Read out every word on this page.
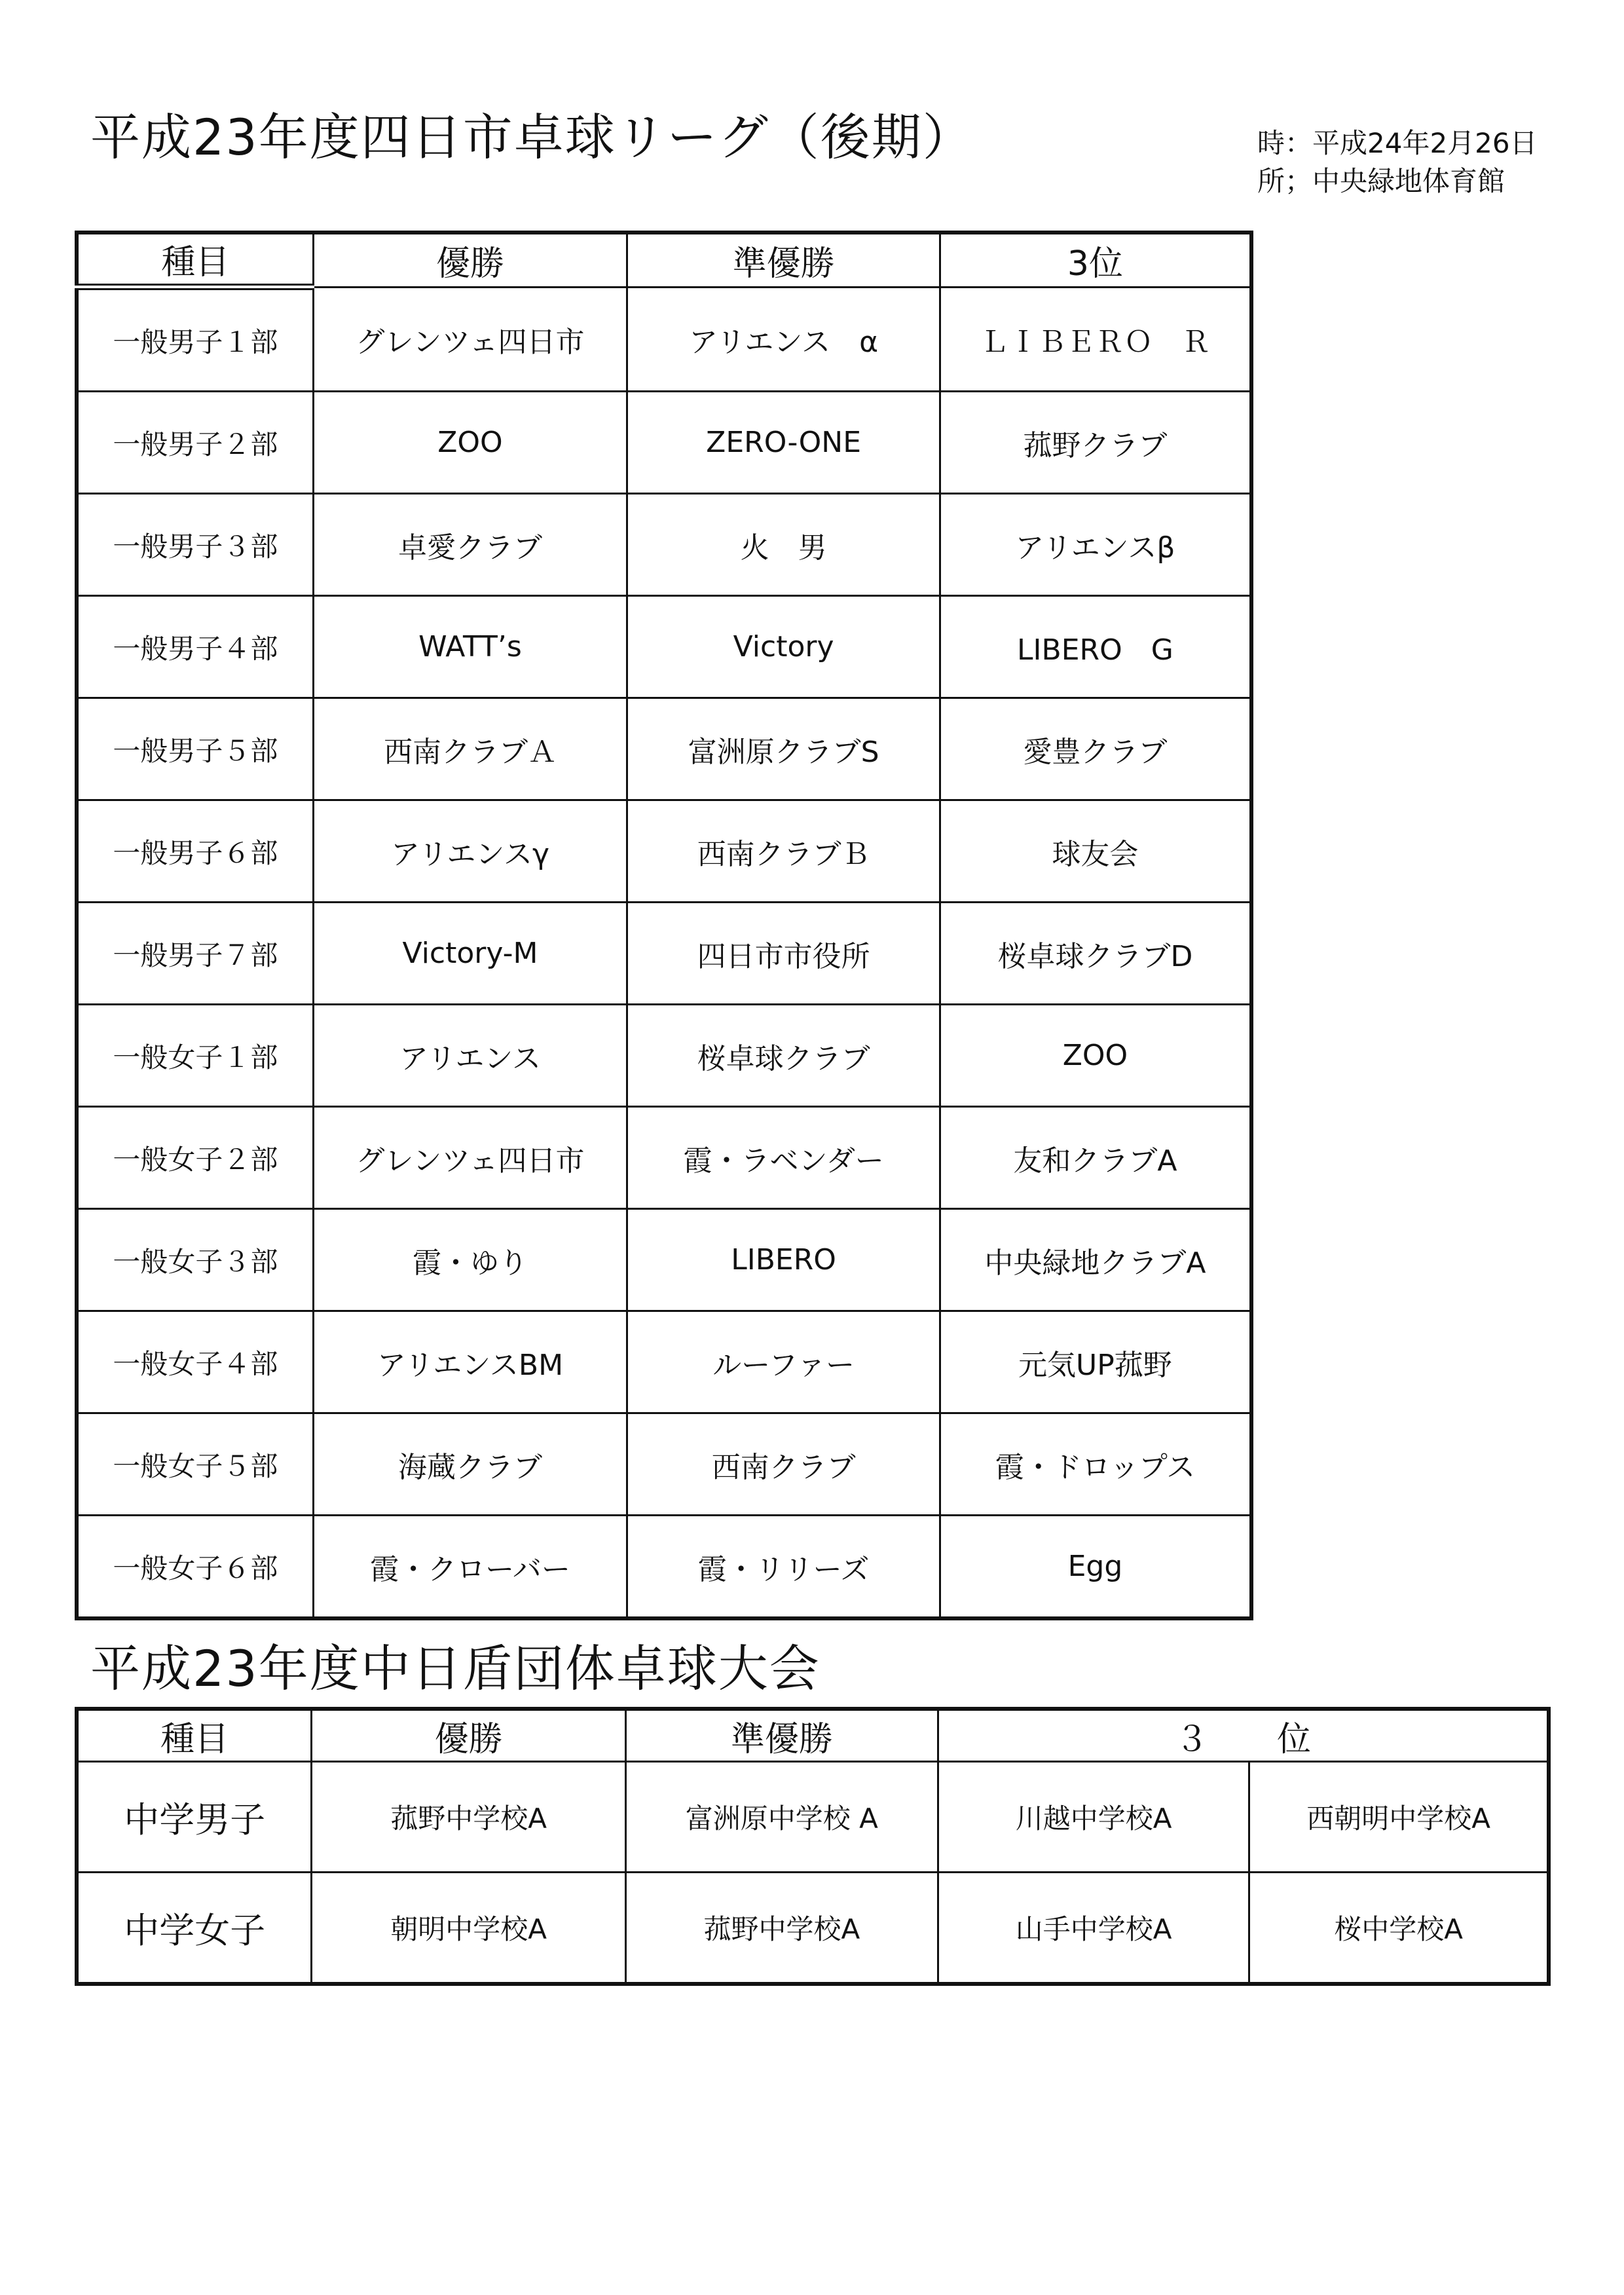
平成23年度四日市卓球リーグ（後期）	時：平成24年2月26日
所；中央緑地体育館
種目	優勝	準優勝	3位
一般男子１部	グレンツェ四日市	アリエンス　α	ＬＩＢＥＲＯ　Ｒ
一般男子２部	ZOO	ZERO-ONE	菰野クラブ
一般男子３部	卓愛クラブ	火　男	アリエンスβ
一般男子４部	WATT’s	Victory	LIBERO　G
一般男子５部	西南クラブＡ	富洲原クラブS	愛豊クラブ
一般男子６部	アリエンスγ	西南クラブＢ	球友会
一般男子７部	Victory-M	四日市市役所	桜卓球クラブD
一般女子１部	アリエンス	桜卓球クラブ	ZOO
一般女子２部	グレンツェ四日市	霞・ラベンダー	友和クラブA
一般女子３部	霞・ゆり	LIBERO	中央緑地クラブA
一般女子４部	アリエンスBM	ルーファー	元気UP菰野
一般女子５部	海蔵クラブ	西南クラブ	霞・ドロップス
一般女子６部	霞・クローバー	霞・リリーズ	Egg
平成23年度中日盾団体卓球大会
種目	優勝	準優勝	３　　位	
中学男子	菰野中学校A	富洲原中学校 A	川越中学校A	西朝明中学校A
中学女子	朝明中学校A	菰野中学校A	山手中学校A	桜中学校A
